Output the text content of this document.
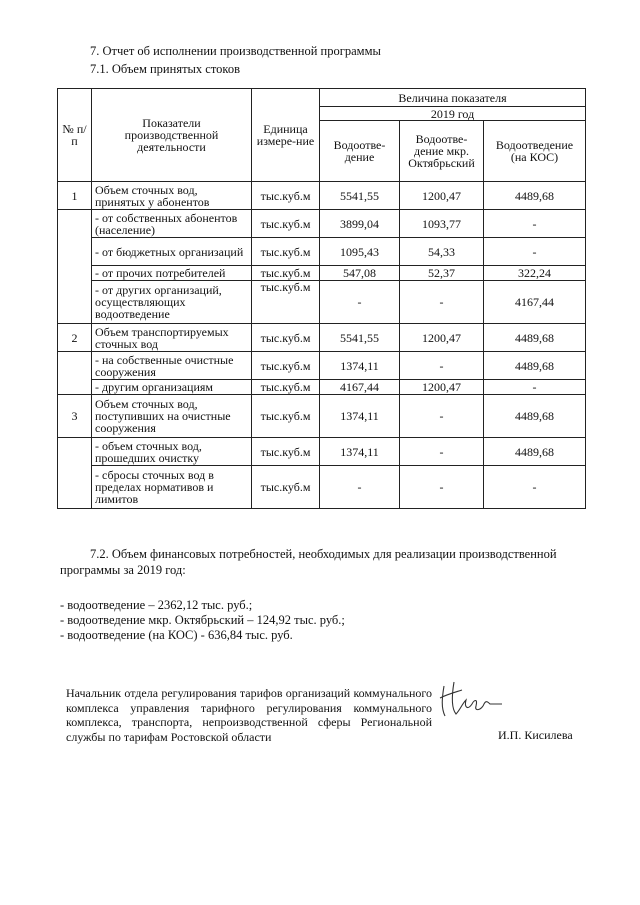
7. Отчет об исполнении производственной программы
7.1. Объем принятых стоков
№ п/п	Показатели производственной деятельности	Единица измере-ние	Величина показателя		
			2019 год		
			Водоотве-дение	Водоотве-дение мкр. Октябрьский	Водоотведение (на КОС)
1	Объем сточных вод, принятых у абонентов	тыс.куб.м	5541,55	1200,47	4489,68
	- от собственных абонентов (население)	тыс.куб.м	3899,04	1093,77	-
	- от бюджетных организаций	тыс.куб.м	1095,43	54,33	-
	- от прочих потребителей	тыс.куб.м	547,08	52,37	322,24
	- от других организаций, осуществляющих водоотведение	тыс.куб.м	-	-	4167,44
2	Объем транспортируемых сточных вод	тыс.куб.м	5541,55	1200,47	4489,68
	- на собственные очистные сооружения	тыс.куб.м	1374,11	-	4489,68
	- другим организациям	тыс.куб.м	4167,44	1200,47	-
3	Объем сточных вод, поступивших на очистные сооружения	тыс.куб.м	1374,11	-	4489,68
	- объем сточных вод, прошедших очистку	тыс.куб.м	1374,11	-	4489,68
	- сбросы сточных вод в пределах нормативов и лимитов	тыс.куб.м	-	-	-
7.2. Объем финансовых потребностей, необходимых для реализации производственной программы за 2019 год:
- водоотведение – 2362,12 тыс. руб.;
- водоотведение мкр. Октябрьский – 124,92 тыс. руб.;
- водоотведение (на КОС) - 636,84 тыс. руб.
Начальник отдела регулирования тарифов организаций коммунального комплекса управления тарифного регулирования коммунального комплекса, транспорта, непроизводственной сферы Региональной службы по тарифам Ростовской области	И.П. Кисилева
